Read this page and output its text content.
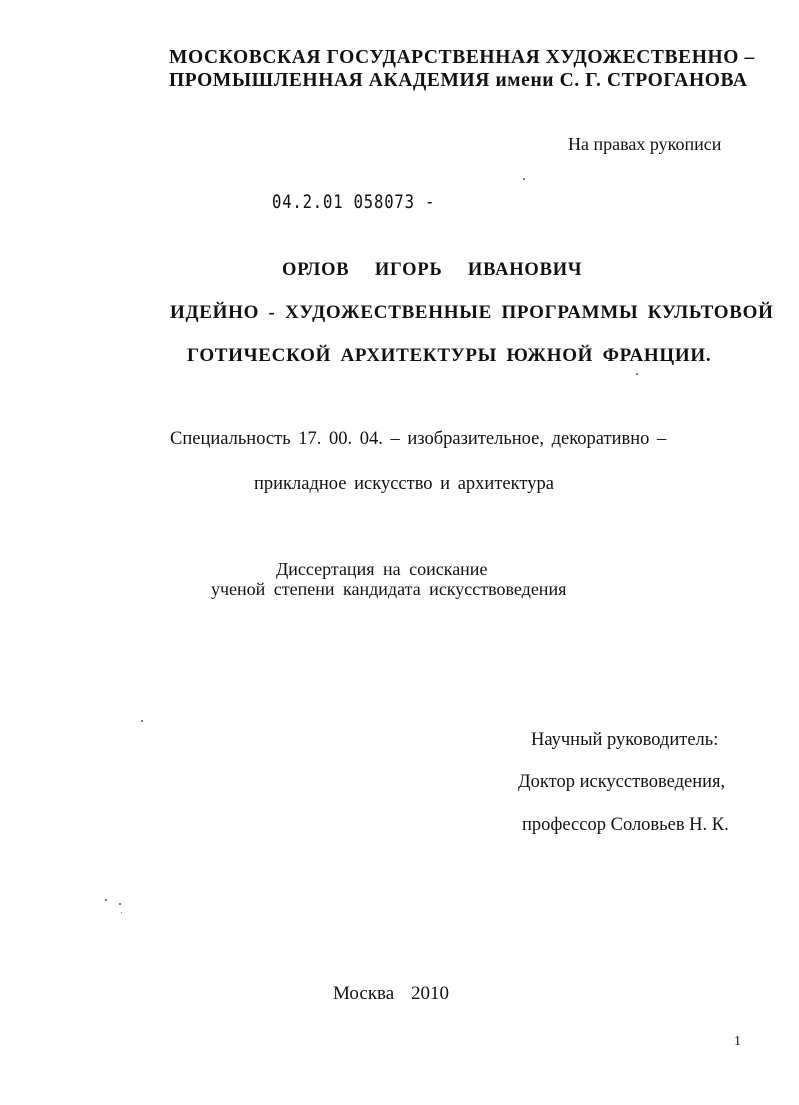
МОСКОВСКАЯ ГОСУДАРСТВЕННАЯ ХУДОЖЕСТВЕННО –
ПРОМЫШЛЕННАЯ АКАДЕМИЯ имени С. Г. СТРОГАНОВА
На правах рукописи
04.2.01 058073 -
ОРЛОВ ИГОРЬ ИВАНОВИЧ
ИДЕЙНО - ХУДОЖЕСТВЕННЫЕ ПРОГРАММЫ КУЛЬТОВОЙ
ГОТИЧЕСКОЙ АРХИТЕКТУРЫ ЮЖНОЙ ФРАНЦИИ.
Специальность 17. 00. 04. – изобразительное, декоративно –
прикладное искусство и архитектура
Диссертация на соискание
ученой степени кандидата искусствоведения
Научный руководитель:
Доктор искусствоведения,
профессор Соловьев Н. К.
Москва 2010
1
